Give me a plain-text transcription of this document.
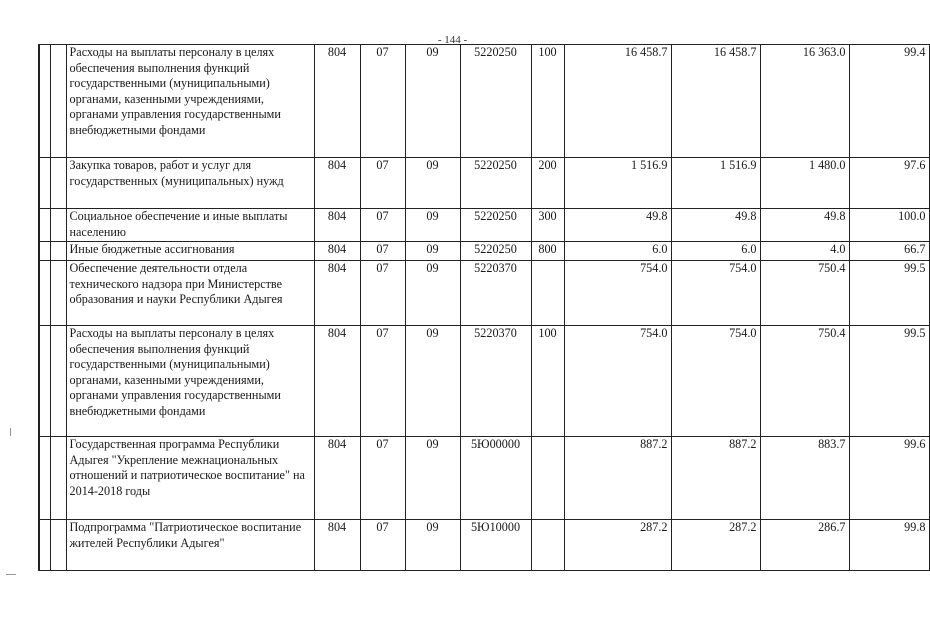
- 144 -
		Расходы на выплаты персоналу в целях обеспечения выполнения функций государственными (муниципальными) органами, казенными учреждениями, органами управления государственными внебюджетными фондами	804	07	09	5220250	100	16 458.7	16 458.7	16 363.0	99.4
		Закупка товаров, работ и услуг для государственных (муниципальных) нужд	804	07	09	5220250	200	1 516.9	1 516.9	1 480.0	97.6
		Социальное обеспечение и иные выплаты населению	804	07	09	5220250	300	49.8	49.8	49.8	100.0
		Иные бюджетные ассигнования	804	07	09	5220250	800	6.0	6.0	4.0	66.7
		Обеспечение деятельности отдела технического надзора при Министерстве образования и науки Республики Адыгея	804	07	09	5220370		754.0	754.0	750.4	99.5
		Расходы на выплаты персоналу в целях обеспечения выполнения функций государственными (муниципальными) органами, казенными учреждениями, органами управления государственными внебюджетными фондами	804	07	09	5220370	100	754.0	754.0	750.4	99.5
		Государственная программа Республики Адыгея "Укрепление межнациональных отношений и патриотическое воспитание" на 2014-2018 годы	804	07	09	5Ю00000		887.2	887.2	883.7	99.6
		Подпрограмма "Патриотическое воспитание жителей Республики Адыгея"	804	07	09	5Ю10000		287.2	287.2	286.7	99.8
